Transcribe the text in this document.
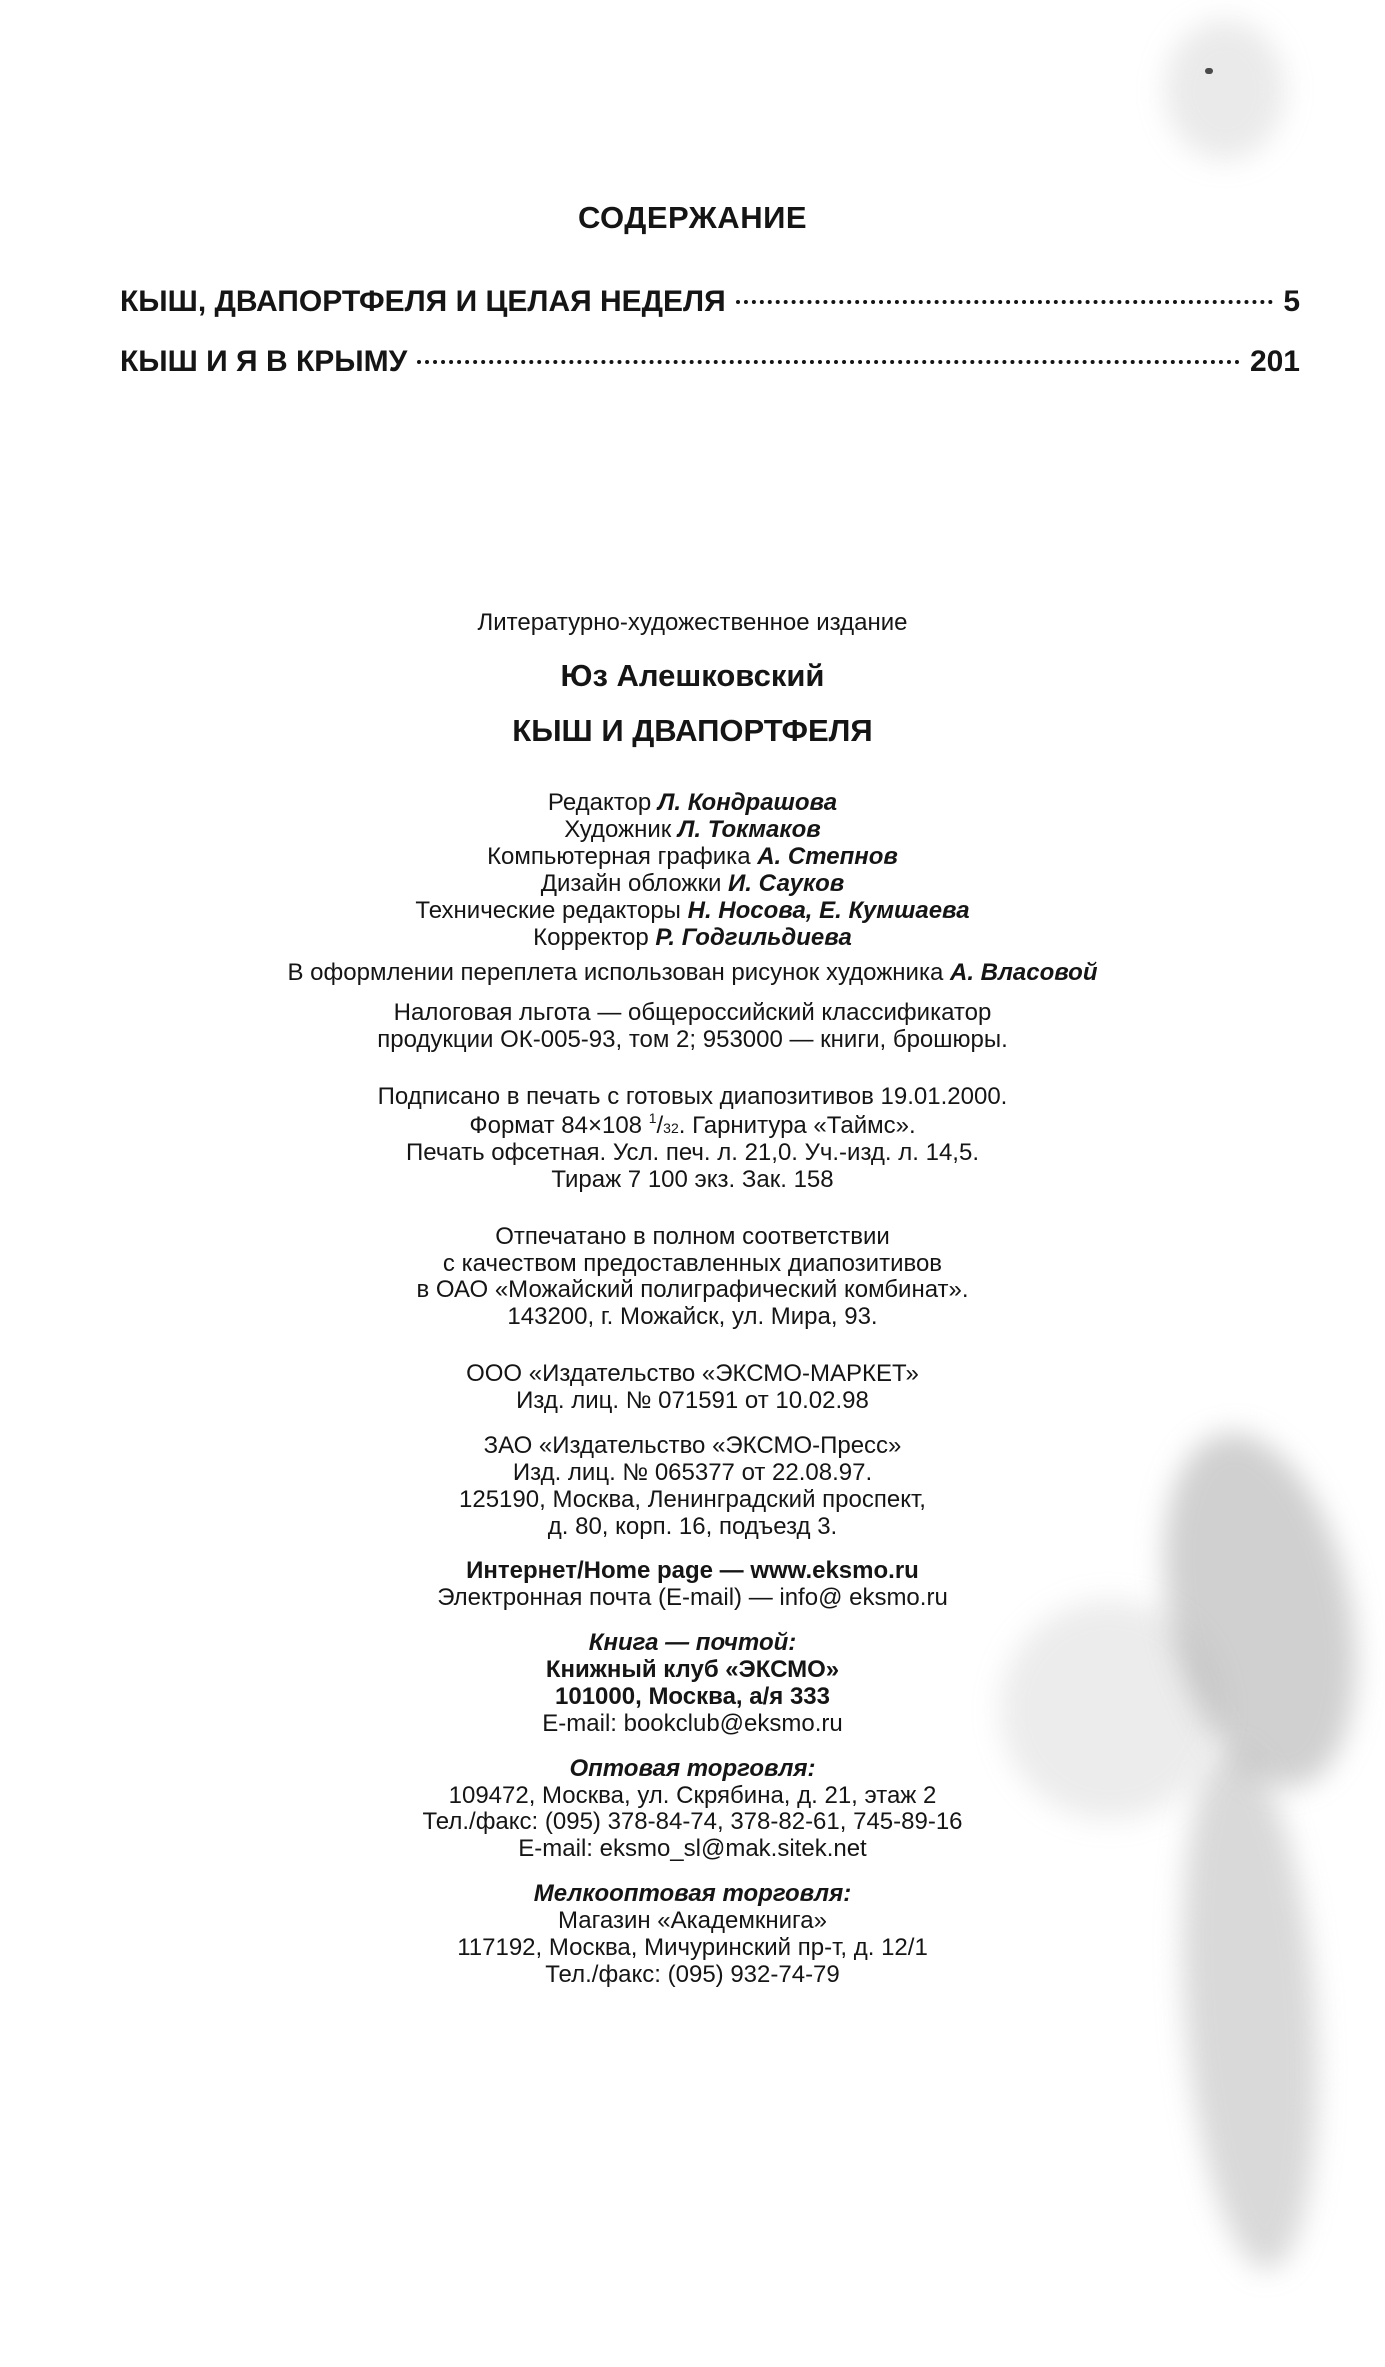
СОДЕРЖАНИЕ
КЫШ, ДВАПОРТФЕЛЯ И ЦЕЛАЯ НЕДЕЛЯ	5
КЫШ И Я В КРЫМУ	201
Литературно-художественное издание
Юз Алешковский
КЫШ И ДВАПОРТФЕЛЯ
Редактор Л. Кондрашова
Художник Л. Токмаков
Компьютерная графика А. Степнов
Дизайн обложки И. Сауков
Технические редакторы Н. Носова, Е. Кумшаева
Корректор Р. Годгильдиева
В оформлении переплета использован рисунок художника А. Власовой
Налоговая льгота — общероссийский классификатор
продукции ОК-005-93, том 2; 953000 — книги, брошюры.
Подписано в печать с готовых диапозитивов 19.01.2000.
Формат 84×108 $^1$/32. Гарнитура «Таймс».
Печать офсетная. Усл. печ. л. 21,0. Уч.-изд. л. 14,5.
Тираж 7 100 экз. Зак. 158
Отпечатано в полном соответствии
с качеством предоставленных диапозитивов
в ОАО «Можайский полиграфический комбинат».
143200, г. Можайск, ул. Мира, 93.
ООО «Издательство «ЭКСМО-МАРКЕТ»
Изд. лиц. № 071591 от 10.02.98
ЗАО «Издательство «ЭКСМО-Пресс»
Изд. лиц. № 065377 от 22.08.97.
125190, Москва, Ленинградский проспект,
д. 80, корп. 16, подъезд 3.
Интернет/Home page — www.eksmo.ru
Электронная почта (E-mail) — info@ eksmo.ru
Книга — почтой:
Книжный клуб «ЭКСМО»
101000, Москва, а/я 333
E-mail: bookclub@eksmo.ru
Оптовая торговля:
109472, Москва, ул. Скрябина, д. 21, этаж 2
Тел./факс: (095) 378-84-74, 378-82-61, 745-89-16
E-mail: eksmo_sl@mak.sitek.net
Мелкооптовая торговля:
Магазин «Академкнига»
117192, Москва, Мичуринский пр-т, д. 12/1
Тел./факс: (095) 932-74-79
